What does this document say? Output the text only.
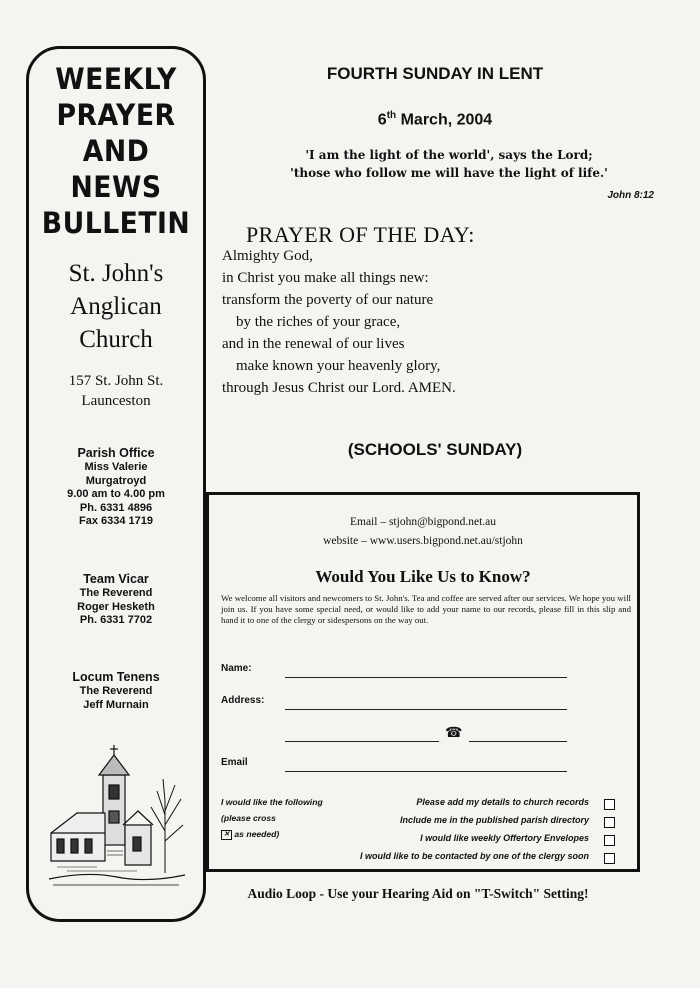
WEEKLY
PRAYER
AND
NEWS
BULLETIN
St. John's
Anglican
Church
157 St. John St.
Launceston
Parish Office
Miss Valerie
Murgatroyd
9.00 am to 4.00 pm
Ph. 6331 4896
Fax 6334 1719
Team Vicar
The Reverend
Roger Hesketh
Ph. 6331 7702
Locum Tenens
The Reverend
Jeff Murnain
FOURTH SUNDAY IN LENT
6th March, 2004
'I am the light of the world', says the Lord;
'those who follow me will have the light of life.'
John 8:12
PRAYER OF THE DAY:
Almighty God,
in Christ you make all things new:
transform the poverty of our nature
by the riches of your grace,
and in the renewal of our lives
make known your heavenly glory,
through Jesus Christ our Lord. AMEN.
(SCHOOLS' SUNDAY)
Email – stjohn@bigpond.net.au
website – www.users.bigpond.net.au/stjohn
Would You Like Us to Know?
We welcome all visitors and newcomers to St. John's. Tea and coffee are served after our services. We hope you will join us. If you have some special need, or would like to add your name to our records, please fill in this slip and hand it to one of the clergy or sidespersons on the way out.
Name:
Address:
☎
Email
I would like the following
(please cross
✕ as needed)
Please add my details to church records
Include me in the published parish directory
I would like weekly Offertory Envelopes
I would like to be contacted by one of the clergy soon
Audio Loop - Use your Hearing Aid on "T-Switch" Setting!
